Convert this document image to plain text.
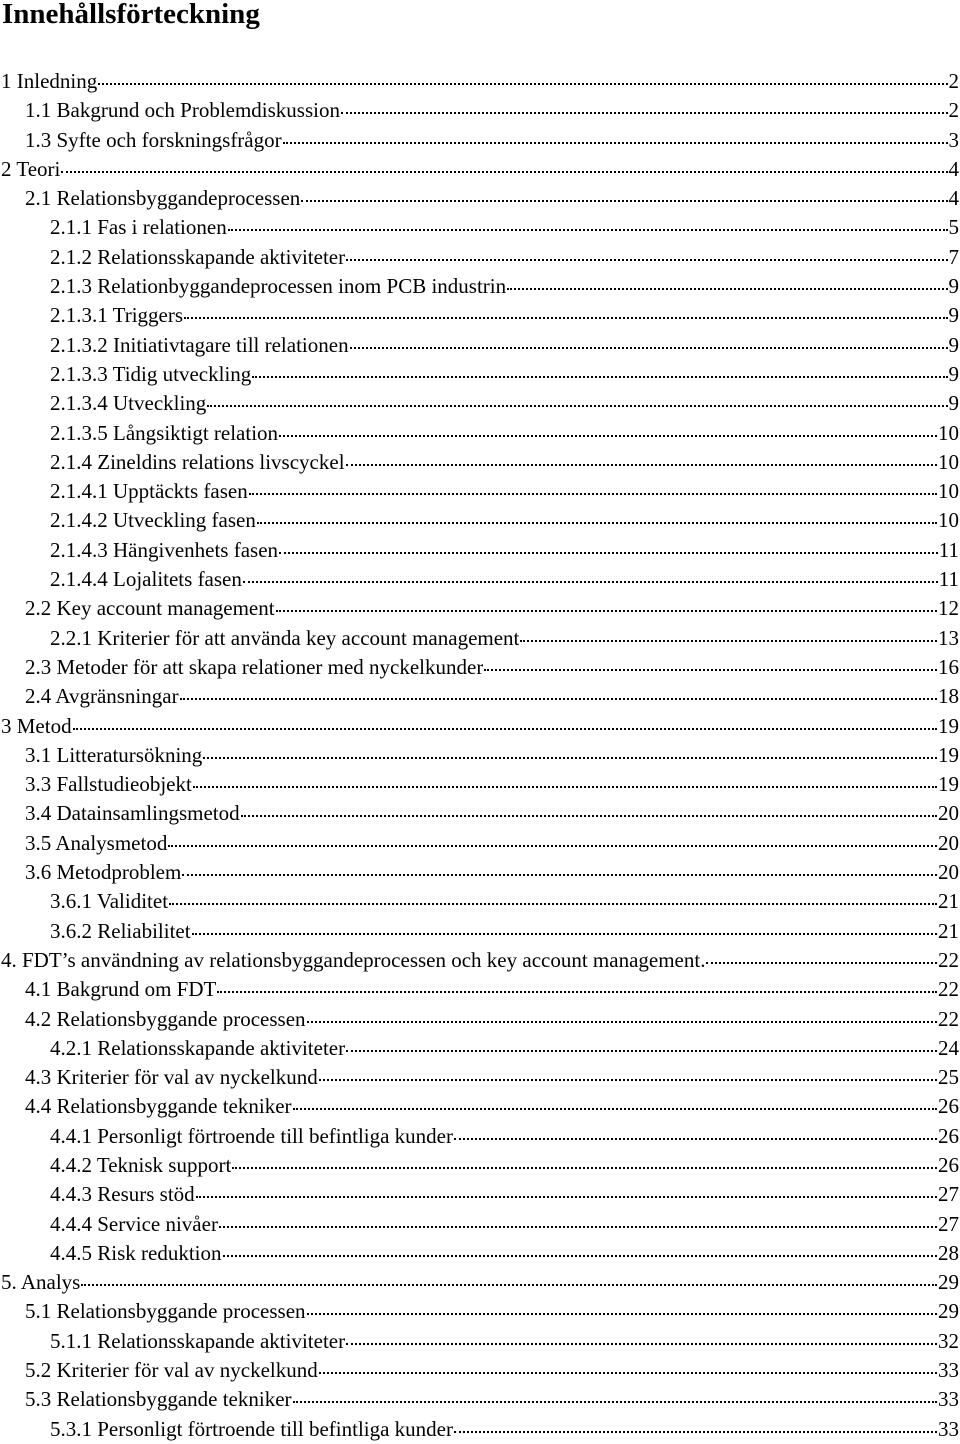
Innehållsförteckning
1 Inledning	2
1.1 Bakgrund och Problemdiskussion	2
1.3 Syfte och forskningsfrågor	3
2 Teori	4
2.1 Relationsbyggandeprocessen	4
2.1.1 Fas i relationen	5
2.1.2 Relationsskapande aktiviteter	7
2.1.3 Relationbyggandeprocessen inom PCB industrin	9
2.1.3.1 Triggers	9
2.1.3.2 Initiativtagare till relationen	9
2.1.3.3 Tidig utveckling	9
2.1.3.4 Utveckling	9
2.1.3.5 Långsiktigt relation	10
2.1.4 Zineldins relations livscyckel	10
2.1.4.1 Upptäckts fasen	10
2.1.4.2 Utveckling fasen	10
2.1.4.3 Hängivenhets fasen	11
2.1.4.4 Lojalitets fasen	11
2.2 Key account management	12
2.2.1 Kriterier för att använda key account management	13
2.3 Metoder för att skapa relationer med nyckelkunder	16
2.4 Avgränsningar	18
3 Metod	19
3.1 Litteratursökning	19
3.3 Fallstudieobjekt	19
3.4 Datainsamlingsmetod	20
3.5 Analysmetod	20
3.6 Metodproblem	20
3.6.1 Validitet	21
3.6.2 Reliabilitet	21
4. FDT’s användning av relationsbyggandeprocessen och key account management.	22
4.1 Bakgrund om FDT	22
4.2 Relationsbyggande processen	22
4.2.1 Relationsskapande aktiviteter	24
4.3 Kriterier för val av nyckelkund	25
4.4 Relationsbyggande tekniker	26
4.4.1 Personligt förtroende till befintliga kunder	26
4.4.2 Teknisk support	26
4.4.3 Resurs stöd	27
4.4.4 Service nivåer	27
4.4.5 Risk reduktion	28
5. Analys	29
5.1 Relationsbyggande processen	29
5.1.1 Relationsskapande aktiviteter	32
5.2 Kriterier för val av nyckelkund	33
5.3 Relationsbyggande tekniker	33
5.3.1 Personligt förtroende till befintliga kunder	33
